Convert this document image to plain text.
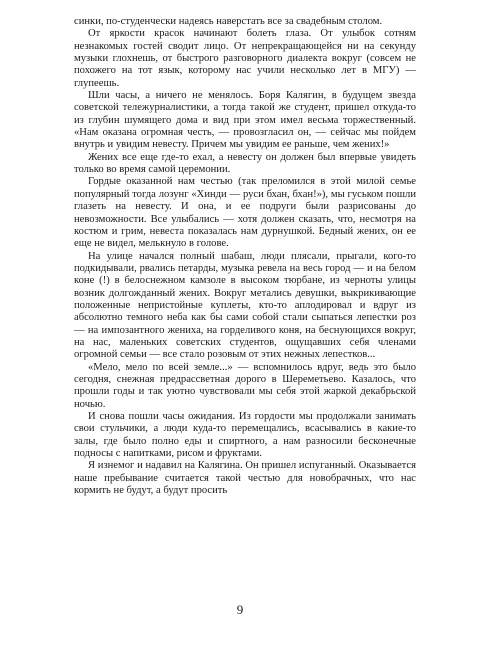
синки, по-студенчески надеясь наверстать все за свадебным столом.

От яркости красок начинают болеть глаза. От улыбок сотням незнакомых гостей сводит лицо. От непрекращающейся ни на секунду музыки глохнешь, от быстрого разговорного диалекта вокруг (совсем не похожего на тот язык, которому нас учили несколько лет в МГУ) — глупеешь.

Шли часы, а ничего не менялось. Боря Калягин, в будущем звезда советской тележурналистики, а тогда такой же студент, пришел откуда-то из глубин шумящего дома и вид при этом имел весьма торжественный. «Нам оказана огромная честь, — провозгласил он, — сейчас мы пойдем внутрь и увидим невесту. Причем мы увидим ее раньше, чем жених!»

Жених все еще где-то ехал, а невесту он должен был впервые увидеть только во время самой церемонии.

Гордые оказанной нам честью (так преломился в этой милой семье популярный тогда лозунг «Хинди — руси бхан, бхан!»), мы гуськом пошли глазеть на невесту. И она, и ее подруги были разрисованы до невозможности. Все улыбались — хотя должен сказать, что, несмотря на костюм и грим, невеста показалась нам дурнушкой. Бедный жених, он ее еще не видел, мелькнуло в голове.

На улице начался полный шабаш, люди плясали, прыгали, кого-то подкидывали, рвались петарды, музыка ревела на весь город — и на белом коне (!) в белоснежном камзоле в высоком тюрбане, из черноты улицы возник долгожданный жених. Вокруг метались девушки, выкрикивающие положенные непристойные куплеты, кто-то аплодировал и вдруг из абсолютно темного неба как бы сами собой стали сыпаться лепестки роз — на импозантного жениха, на горделивого коня, на беснующихся вокруг, на нас, маленьких советских студентов, ощущавших себя членами огромной семьи — все стало розовым от этих нежных лепестков...

«Мело, мело по всей земле...» — вспомнилось вдруг, ведь это было сегодня, снежная предрассветная дорого в Шереметьево. Казалось, что прошли годы и так уютно чувствовали мы себя этой жаркой декабрьской ночью.

И снова пошли часы ожидания. Из гордости мы продолжали занимать свои стульчики, а люди куда-то перемещались, всасывались в какие-то залы, где было полно еды и спиртного, а нам разносили бесконечные подносы с напитками, рисом и фруктами.

Я изнемог и надавил на Калягина. Он пришел испуганный. Оказывается наше пребывание считается такой честью для новобрачных, что нас кормить не будут, а будут просить

9
